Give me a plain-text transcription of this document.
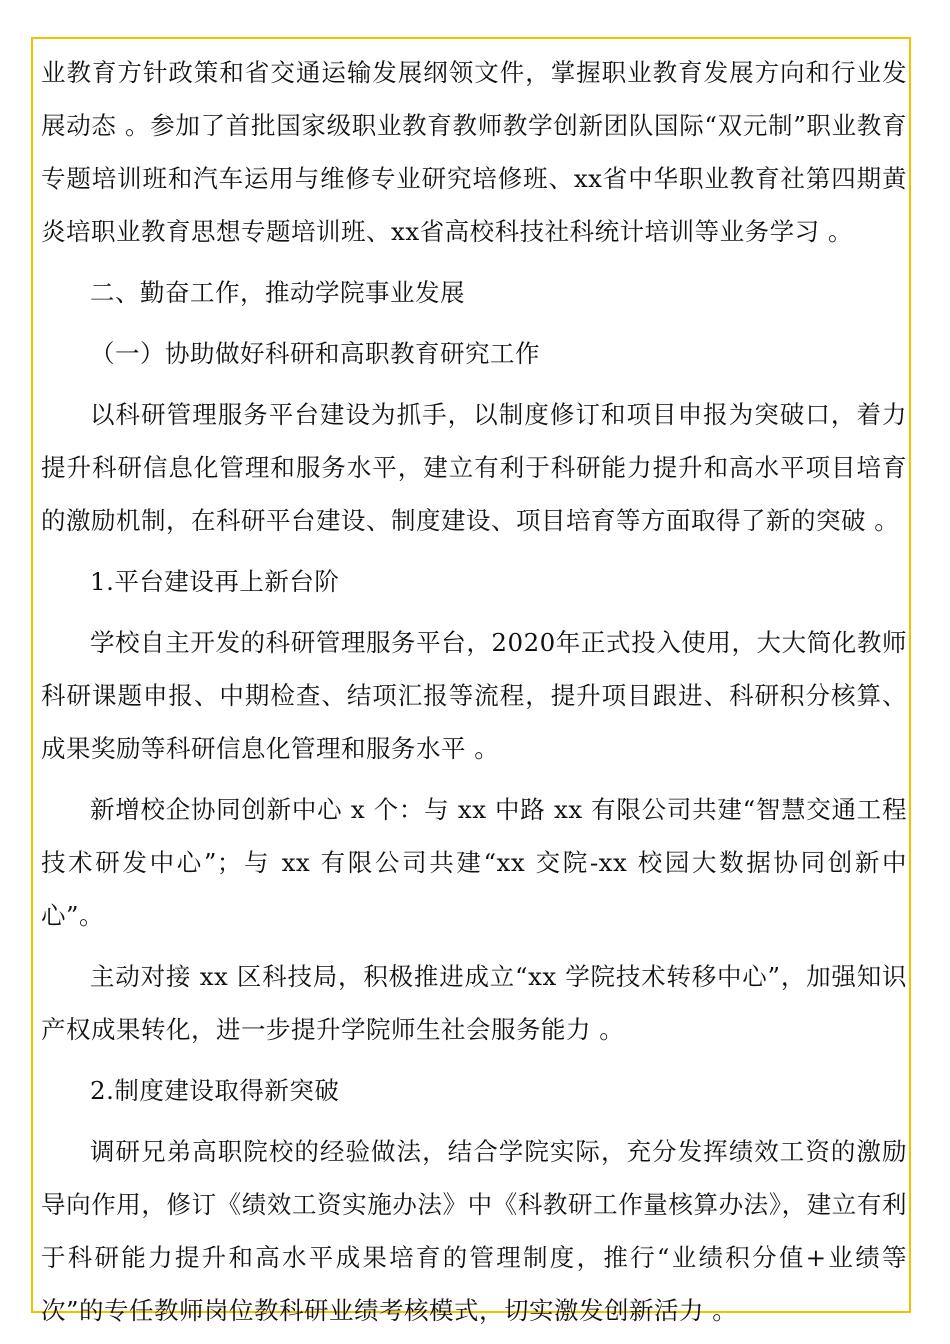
业教育方针政策和省交通运输发展纲领文件，掌握职业教育发展方向和行业发展动态 。参加了首批国家级职业教育教师教学创新团队国际“双元制”职业教育专题培训班和汽车运用与维修专业研究培修班、xx省中华职业教育社第四期黄炎培职业教育思想专题培训班、xx省高校科技社科统计培训等业务学习 。

二、勤奋工作，推动学院事业发展

（一）协助做好科研和高职教育研究工作

以科研管理服务平台建设为抓手，以制度修订和项目申报为突破口，着力提升科研信息化管理和服务水平，建立有利于科研能力提升和高水平项目培育的激励机制，在科研平台建设、制度建设、项目培育等方面取得了新的突破 。

1.平台建设再上新台阶

学校自主开发的科研管理服务平台，2020年正式投入使用，大大简化教师科研课题申报、中期检查、结项汇报等流程，提升项目跟进、科研积分核算、成果奖励等科研信息化管理和服务水平 。

新增校企协同创新中心 x 个：与 xx 中路 xx 有限公司共建“智慧交通工程技术研发中心”；与 xx 有限公司共建“xx 交院-xx 校园大数据协同创新中心”。

主动对接 xx 区科技局，积极推进成立“xx 学院技术转移中心”，加强知识产权成果转化，进一步提升学院师生社会服务能力 。

2.制度建设取得新突破

调研兄弟高职院校的经验做法，结合学院实际，充分发挥绩效工资的激励导向作用，修订《绩效工资实施办法》中《科教研工作量核算办法》，建立有利于科研能力提升和高水平成果培育的管理制度，推行“业绩积分值+业绩等次”的专任教师岗位教科研业绩考核模式，切实激发创新活力 。
